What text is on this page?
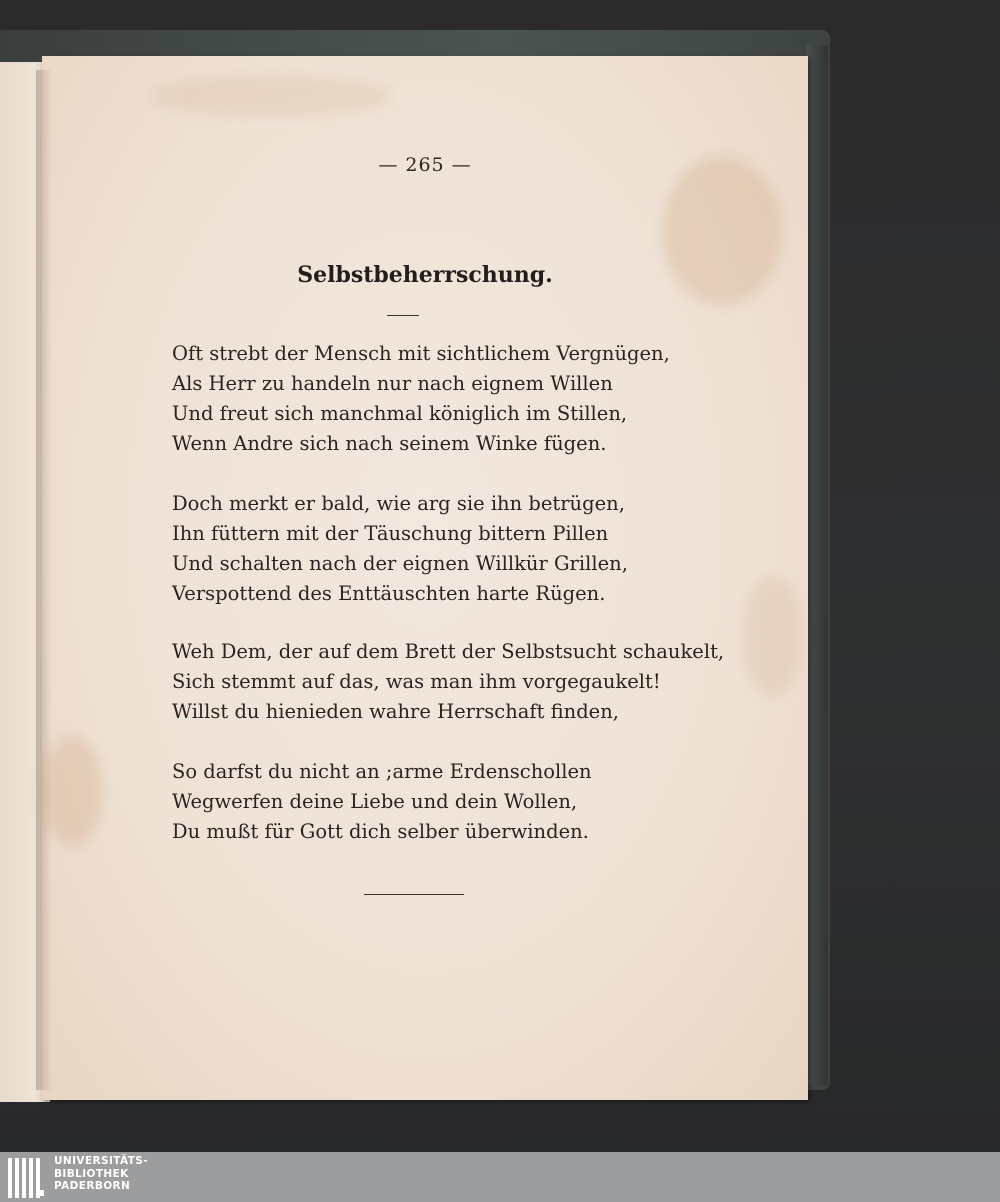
— 265 —
Selbstbeherrschung.
Oft strebt der Mensch mit sichtlichem Vergnügen,
Als Herr zu handeln nur nach eignem Willen
Und freut sich manchmal königlich im Stillen,
Wenn Andre sich nach seinem Winke fügen.
Doch merkt er bald, wie arg sie ihn betrügen,
Ihn füttern mit der Täuschung bittern Pillen
Und schalten nach der eignen Willkür Grillen,
Verspottend des Enttäuschten harte Rügen.
Weh Dem, der auf dem Brett der Selbstsucht schaukelt,
Sich stemmt auf das, was man ihm vorgegaukelt!
Willst du hienieden wahre Herrschaft finden,
So darfst du nicht an ;arme Erdenschollen
Wegwerfen deine Liebe und dein Wollen,
Du mußt für Gott dich selber überwinden.
UNIVERSITÄTS-
BIBLIOTHEK
PADERBORN
